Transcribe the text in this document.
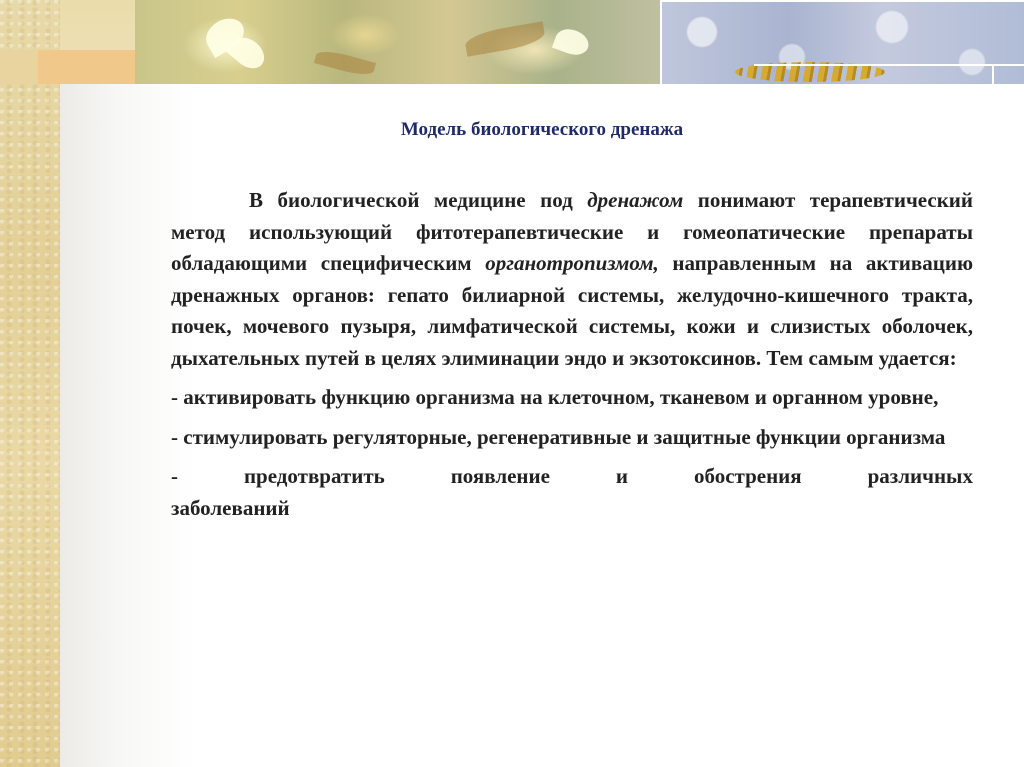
Модель биологического дренажа

В биологической медицине под дренажом понимают терапевтический метод использующий фитотерапевтические и гомеопатические препараты обладающими специфическим органотропизмом, направленным на активацию дренажных органов: гепато билиарной системы, желудочно-кишечного тракта, почек, мочевого пузыря, лимфатической системы, кожи и слизистых оболочек, дыхательных путей в целях элиминации эндо и экзотоксинов. Тем самым удается:

- активировать функцию организма на клеточном, тканевом и органном уровне,

- стимулировать регуляторные, регенеративные и защитные функции организма

-	предотвратить	появление	и	обострения	различных
заболеваний
